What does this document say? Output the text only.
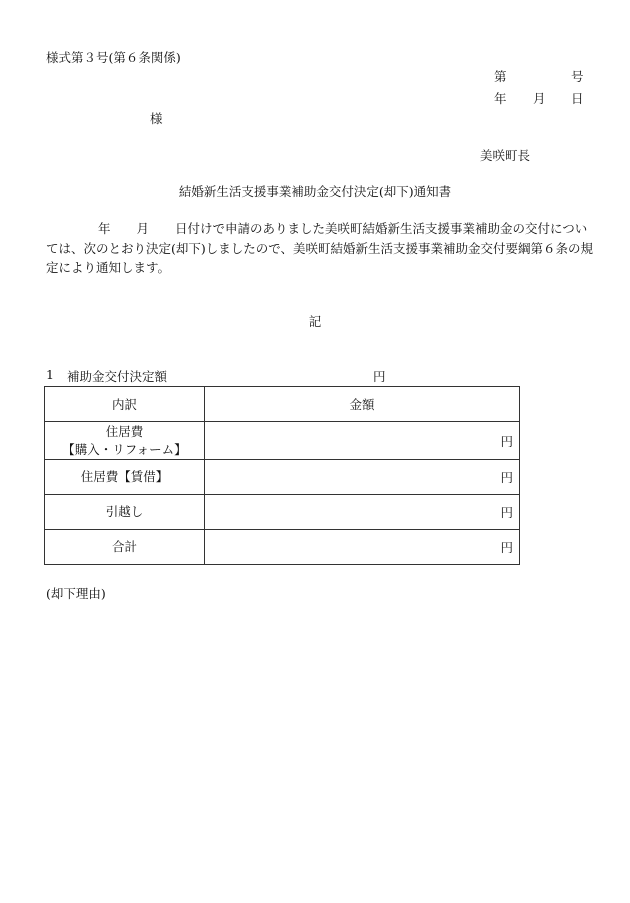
様式第３号(第６条関係)
第	号
年 月 日
様
美咲町長
結婚新生活支援事業補助金交付決定(却下)通知書

年 月 日付けで申請のありました美咲町結婚新生活支援事業補助金の交付については、次のとおり決定(却下)しましたので、美咲町結婚新生活支援事業補助金交付要綱第６条の規定により通知します。

記
1 補助金交付決定額	円
内訳	金額

住居費
【購入・リフォーム】	円
住居費【賃借】	円
引越し	円
合計	円
(却下理由)
